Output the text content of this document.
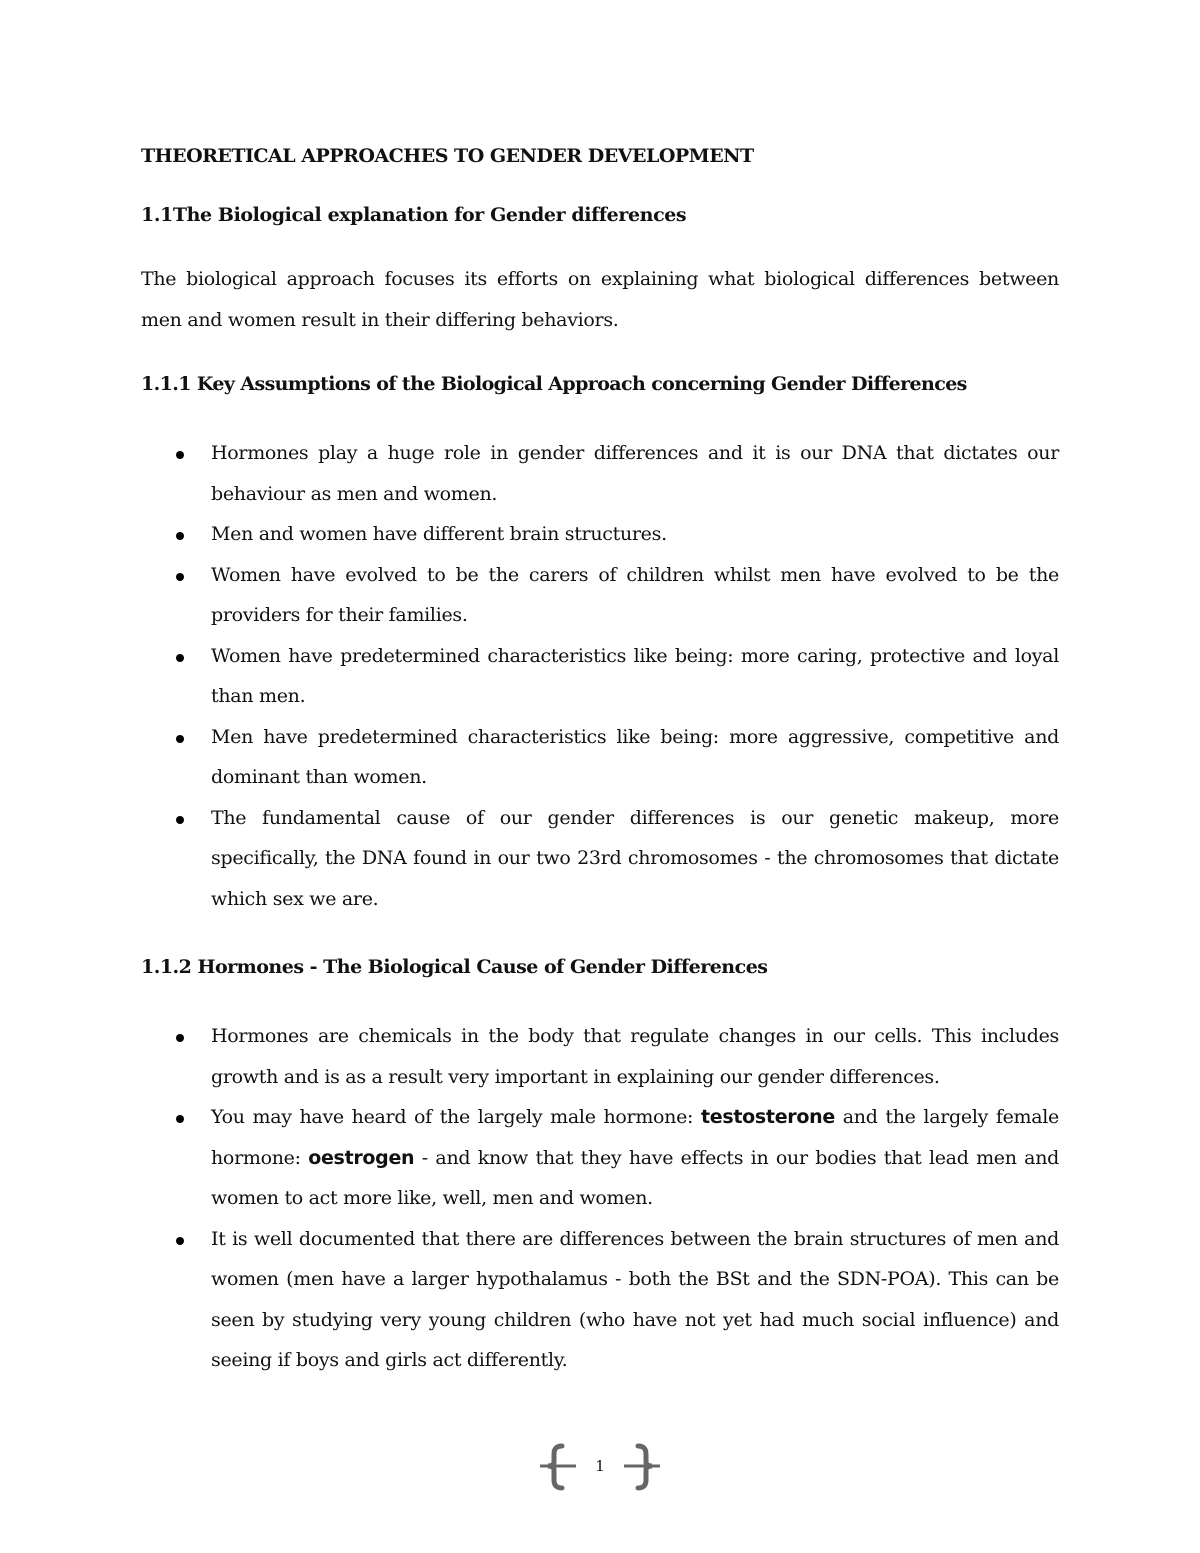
THEORETICAL APPROACHES TO GENDER DEVELOPMENT
1.1The Biological explanation for Gender differences
The biological approach focuses its efforts on explaining what biological differences between men and women result in their differing behaviors.
1.1.1 Key Assumptions of the Biological Approach concerning Gender Differences
Hormones play a huge role in gender differences and it is our DNA that dictates our behaviour as men and women.
Men and women have different brain structures.
Women have evolved to be the carers of children whilst men have evolved to be the providers for their families.
Women have predetermined characteristics like being: more caring, protective and loyal than men.
Men have predetermined characteristics like being: more aggressive, competitive and dominant than women.
The fundamental cause of our gender differences is our genetic makeup, more specifically, the DNA found in our two 23rd chromosomes - the chromosomes that dictate which sex we are.
1.1.2 Hormones - The Biological Cause of Gender Differences
Hormones are chemicals in the body that regulate changes in our cells. This includes growth and is as a result very important in explaining our gender differences.
You may have heard of the largely male hormone: testosterone and the largely female hormone: oestrogen - and know that they have effects in our bodies that lead men and women to act more like, well, men and women.
It is well documented that there are differences between the brain structures of men and women (men have a larger hypothalamus - both the BSt and the SDN-POA). This can be seen by studying very young children (who have not yet had much social influence) and seeing if boys and girls act differently.
1
